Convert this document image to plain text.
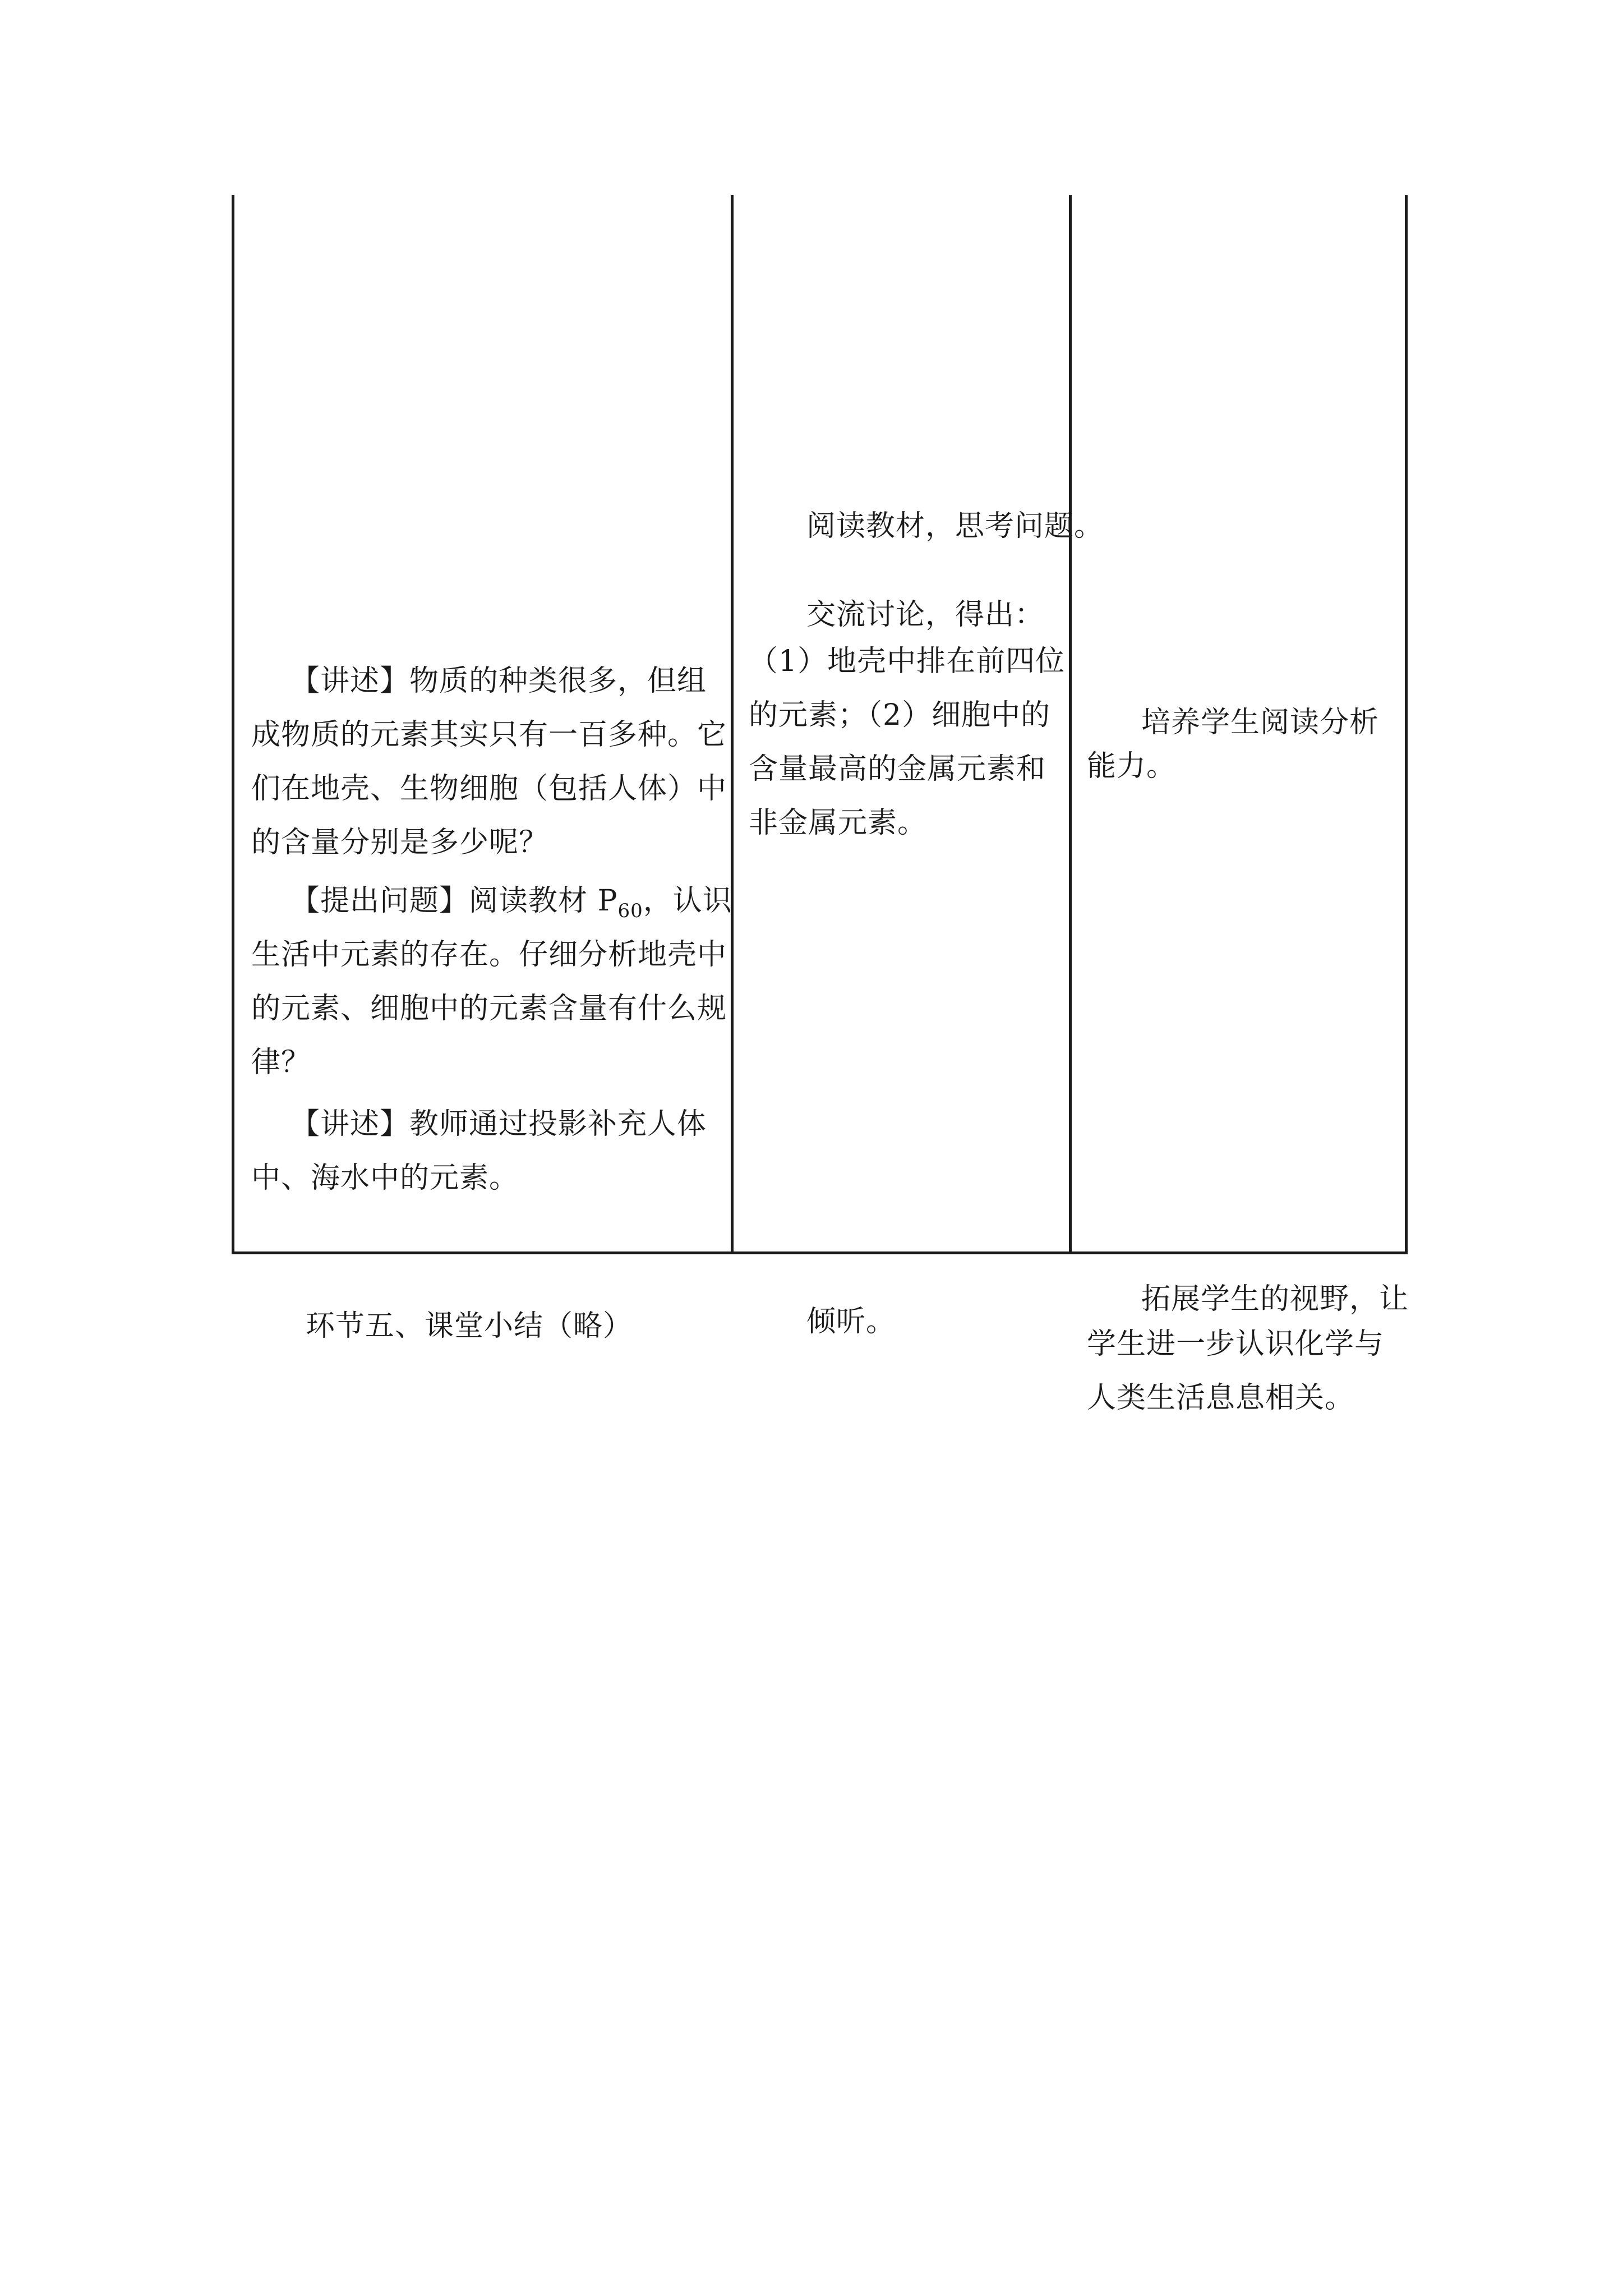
【讲述】物质的种类很多，但组
成物质的元素其实只有一百多种。它
们在地壳、生物细胞（包括人体）中
的含量分别是多少呢？
【提出问题】阅读教材 $P_{60}$，认识
生活中元素的存在。仔细分析地壳中
的元素、细胞中的元素含量有什么规
律？
【讲述】教师通过投影补充人体
中、海水中的元素。
阅读教材，思考问题。
交流讨论，得出：
（1）地壳中排在前四位
的元素；（2）细胞中的
含量最高的金属元素和
非金属元素。
倾听。
培养学生阅读分析
能力。
拓展学生的视野，让
学生进一步认识化学与
人类生活息息相关。
环节五、课堂小结（略）
